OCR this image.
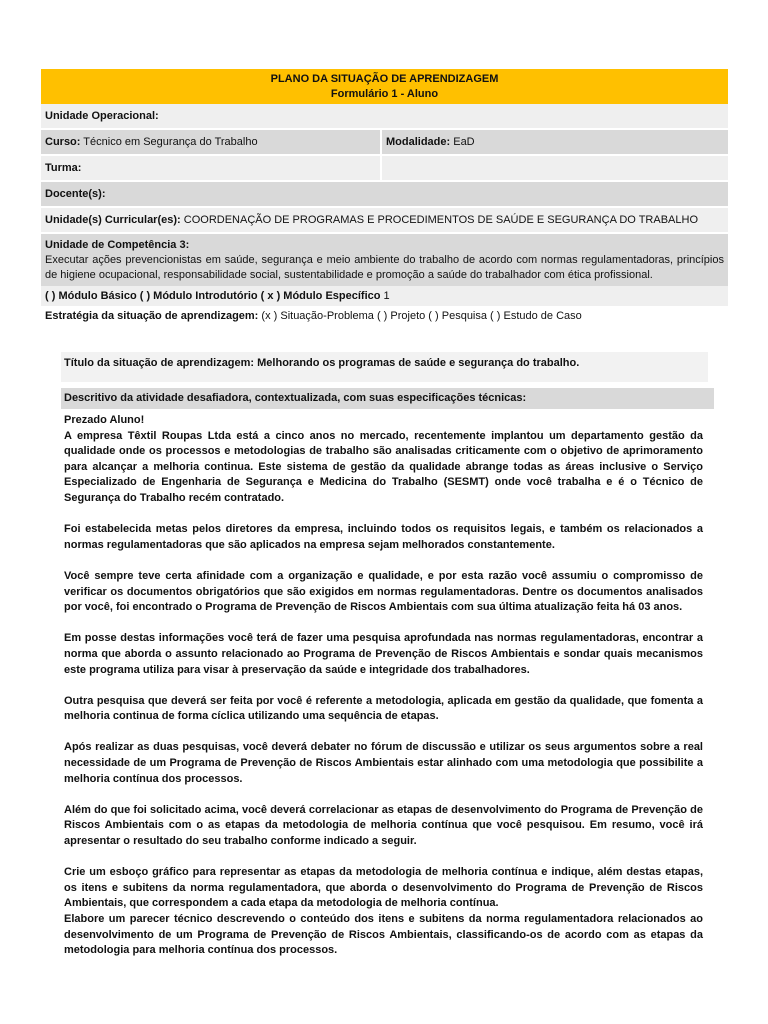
PLANO DA SITUAÇÃO DE APRENDIZAGEM
Formulário 1 - Aluno
Unidade Operacional:
Curso: Técnico em Segurança do Trabalho	Modalidade: EaD
Turma:

Docente(s):
Unidade(s) Curricular(es): COORDENAÇÃO DE PROGRAMAS E PROCEDIMENTOS DE SAÚDE E SEGURANÇA DO TRABALHO
Unidade de Competência 3:
Executar ações prevencionistas em saúde, segurança e meio ambiente do trabalho de acordo com normas regulamentadoras, princípios de higiene ocupacional, responsabilidade social, sustentabilidade e promoção a saúde do trabalhador com ética profissional.
( ) Módulo Básico ( ) Módulo Introdutório ( x ) Módulo Específico 1
Estratégia da situação de aprendizagem: (x ) Situação-Problema ( ) Projeto ( ) Pesquisa ( ) Estudo de Caso
Título da situação de aprendizagem: Melhorando os programas de saúde e segurança do trabalho.
Descritivo da atividade desafiadora, contextualizada, com suas especificações técnicas:

Prezado Aluno!

A empresa Têxtil Roupas Ltda está a cinco anos no mercado, recentemente implantou um departamento gestão da qualidade onde os processos e metodologias de trabalho são analisadas criticamente com o objetivo de aprimoramento para alcançar a melhoria continua. Este sistema de gestão da qualidade abrange todas as áreas inclusive o Serviço Especializado de Engenharia de Segurança e Medicina do Trabalho (SESMT) onde você trabalha e é o Técnico de Segurança do Trabalho recém contratado.

Foi estabelecida metas pelos diretores da empresa, incluindo todos os requisitos legais, e também os relacionados a normas regulamentadoras que são aplicados na empresa sejam melhorados constantemente.

Você sempre teve certa afinidade com a organização e qualidade, e por esta razão você assumiu o compromisso de verificar os documentos obrigatórios que são exigidos em normas regulamentadoras. Dentre os documentos analisados por você, foi encontrado o Programa de Prevenção de Riscos Ambientais com sua última atualização feita há 03 anos.

Em posse destas informações você terá de fazer uma pesquisa aprofundada nas normas regulamentadoras, encontrar a norma que aborda o assunto relacionado ao Programa de Prevenção de Riscos Ambientais e sondar quais mecanismos este programa utiliza para visar à preservação da saúde e integridade dos trabalhadores.

Outra pesquisa que deverá ser feita por você é referente a metodologia, aplicada em gestão da qualidade, que fomenta a melhoria continua de forma cíclica utilizando uma sequência de etapas.

Após realizar as duas pesquisas, você deverá debater no fórum de discussão e utilizar os seus argumentos sobre a real necessidade de um Programa de Prevenção de Riscos Ambientais estar alinhado com uma metodologia que possibilite a melhoria contínua dos processos.

Além do que foi solicitado acima, você deverá correlacionar as etapas de desenvolvimento do Programa de Prevenção de Riscos Ambientais com o as etapas da metodologia de melhoria contínua que você pesquisou. Em resumo, você irá apresentar o resultado do seu trabalho conforme indicado a seguir.

Crie um esboço gráfico para representar as etapas da metodologia de melhoria contínua e indique, além destas etapas, os itens e subitens da norma regulamentadora, que aborda o desenvolvimento do Programa de Prevenção de Riscos Ambientais, que correspondem a cada etapa da metodologia de melhoria contínua.

Elabore um parecer técnico descrevendo o conteúdo dos itens e subitens da norma regulamentadora relacionados ao desenvolvimento de um Programa de Prevenção de Riscos Ambientais, classificando-os de acordo com as etapas da metodologia para melhoria contínua dos processos.
